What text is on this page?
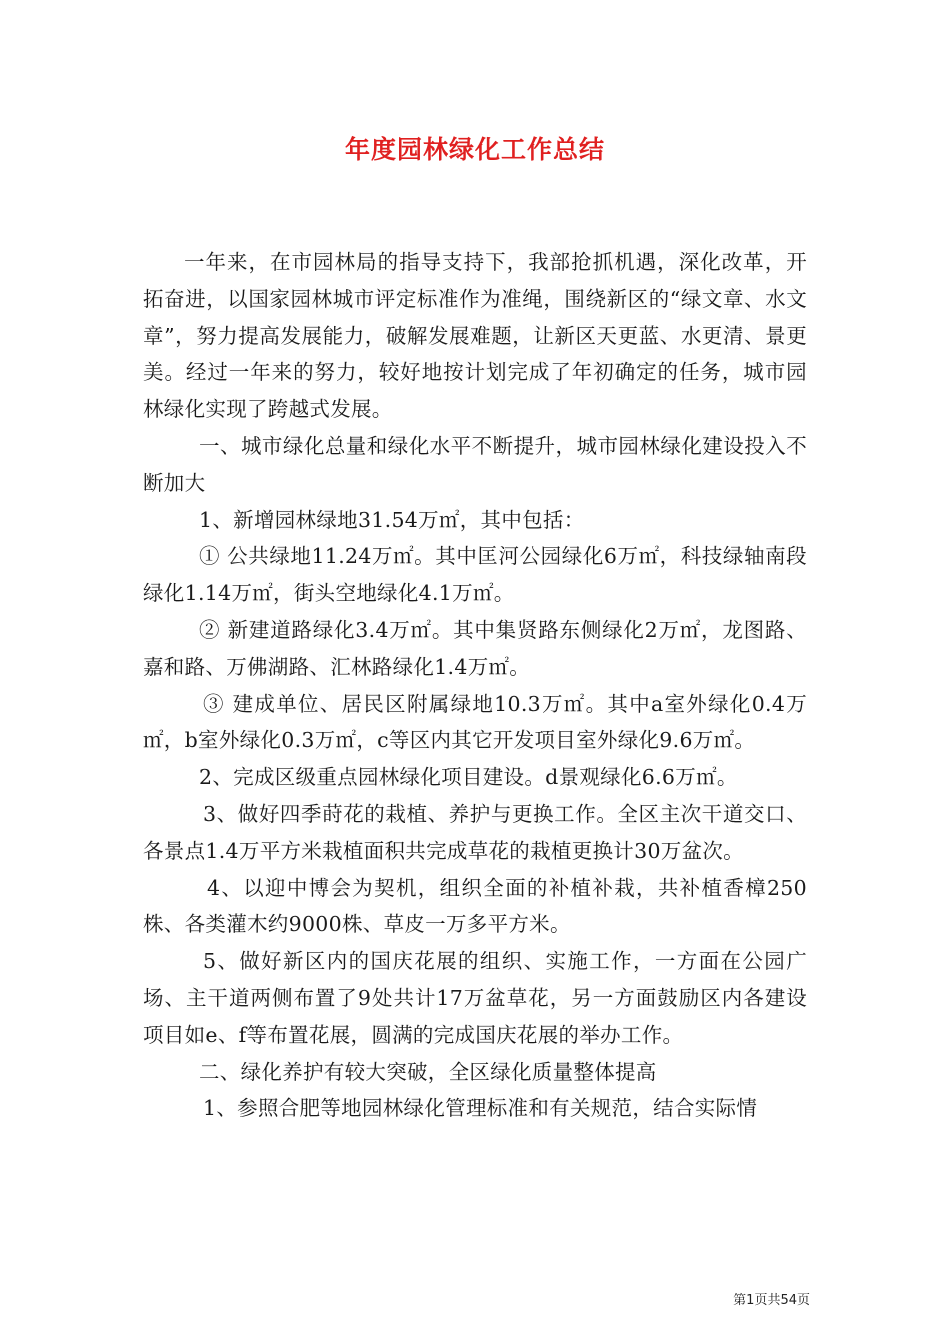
年度园林绿化工作总结

一年来，在市园林局的指导支持下，我部抢抓机遇，深化改革，开拓奋进，以国家园林城市评定标准作为准绳，围绕新区的“绿文章、水文章”，努力提高发展能力，破解发展难题，让新区天更蓝、水更清、景更美。经过一年来的努力，较好地按计划完成了年初确定的任务，城市园林绿化实现了跨越式发展。

一、城市绿化总量和绿化水平不断提升，城市园林绿化建设投入不断加大

1、新增园林绿地31.54万㎡，其中包括：

① 公共绿地11.24万㎡。其中匡河公园绿化6万㎡，科技绿轴南段绿化1.14万㎡，街头空地绿化4.1万㎡。

② 新建道路绿化3.4万㎡。其中集贤路东侧绿化2万㎡，龙图路、嘉和路、万佛湖路、汇林路绿化1.4万㎡。

③ 建成单位、居民区附属绿地10.3万㎡。其中a室外绿化0.4万㎡，b室外绿化0.3万㎡，c等区内其它开发项目室外绿化9.6万㎡。

2、完成区级重点园林绿化项目建设。d景观绿化6.6万㎡。

3、做好四季莳花的栽植、养护与更换工作。全区主次干道交口、各景点1.4万平方米栽植面积共完成草花的栽植更换计30万盆次。

4、以迎中博会为契机，组织全面的补植补栽，共补植香樟250株、各类灌木约9000株、草皮一万多平方米。

5、做好新区内的国庆花展的组织、实施工作，一方面在公园广场、主干道两侧布置了9处共计17万盆草花，另一方面鼓励区内各建设项目如e、f等布置花展，圆满的完成国庆花展的举办工作。

二、绿化养护有较大突破，全区绿化质量整体提高

1、参照合肥等地园林绿化管理标准和有关规范，结合实际情

第1页共54页
